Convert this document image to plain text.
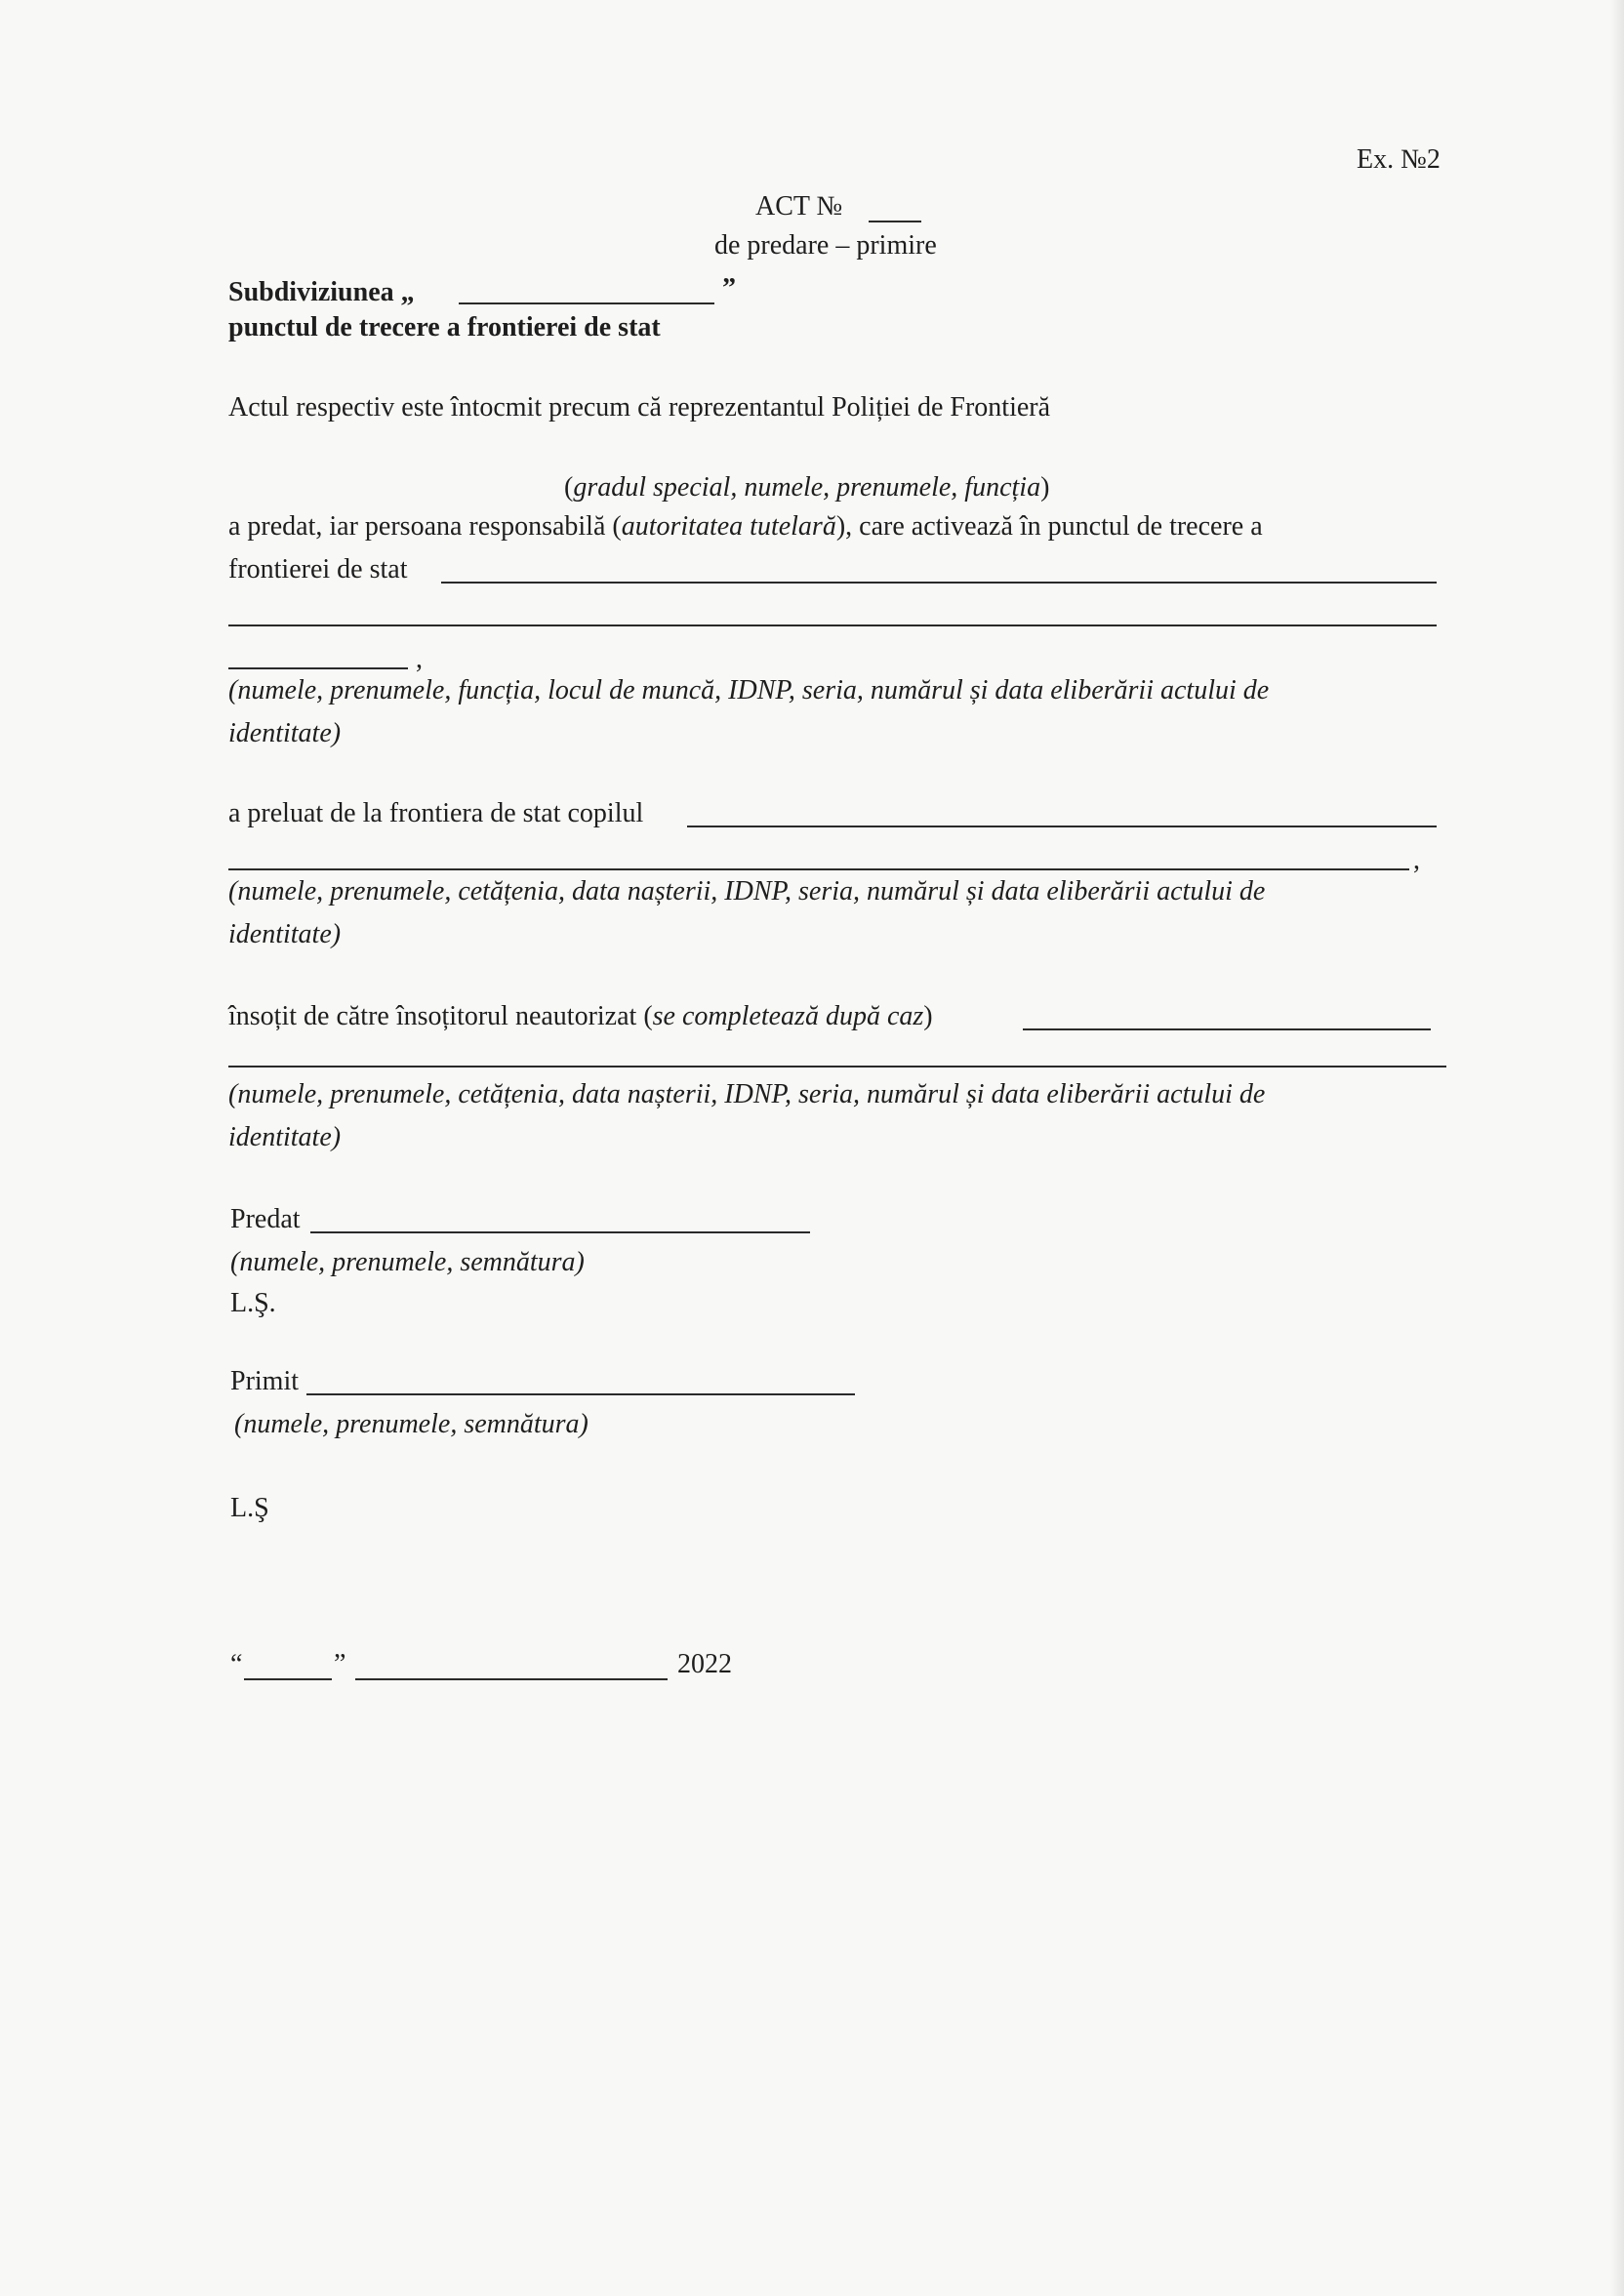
Ex. №2
ACT №
de predare – primire
Subdiviziunea „	”
punctul de trecere a frontierei de stat
Actul respectiv este întocmit precum că reprezentantul Poliției de Frontieră
(gradul special, numele, prenumele, funcția)
a predat, iar persoana responsabilă (autoritatea tutelară), care activează în punctul de trecere a
frontierei de stat
,
(numele, prenumele, funcția, locul de muncă, IDNP, seria, numărul și data eliberării actului de
identitate)
a preluat de la frontiera de stat copilul
,
(numele, prenumele, cetățenia, data nașterii, IDNP, seria, numărul și data eliberării actului de
identitate)
însoțit de către însoțitorul neautorizat (se completează după caz)
(numele, prenumele, cetățenia, data nașterii, IDNP, seria, numărul și data eliberării actului de
identitate)
Predat
(numele, prenumele, semnătura)
L.Ş.
Primit
(numele, prenumele, semnătura)
L.Ş
“	”	2022
